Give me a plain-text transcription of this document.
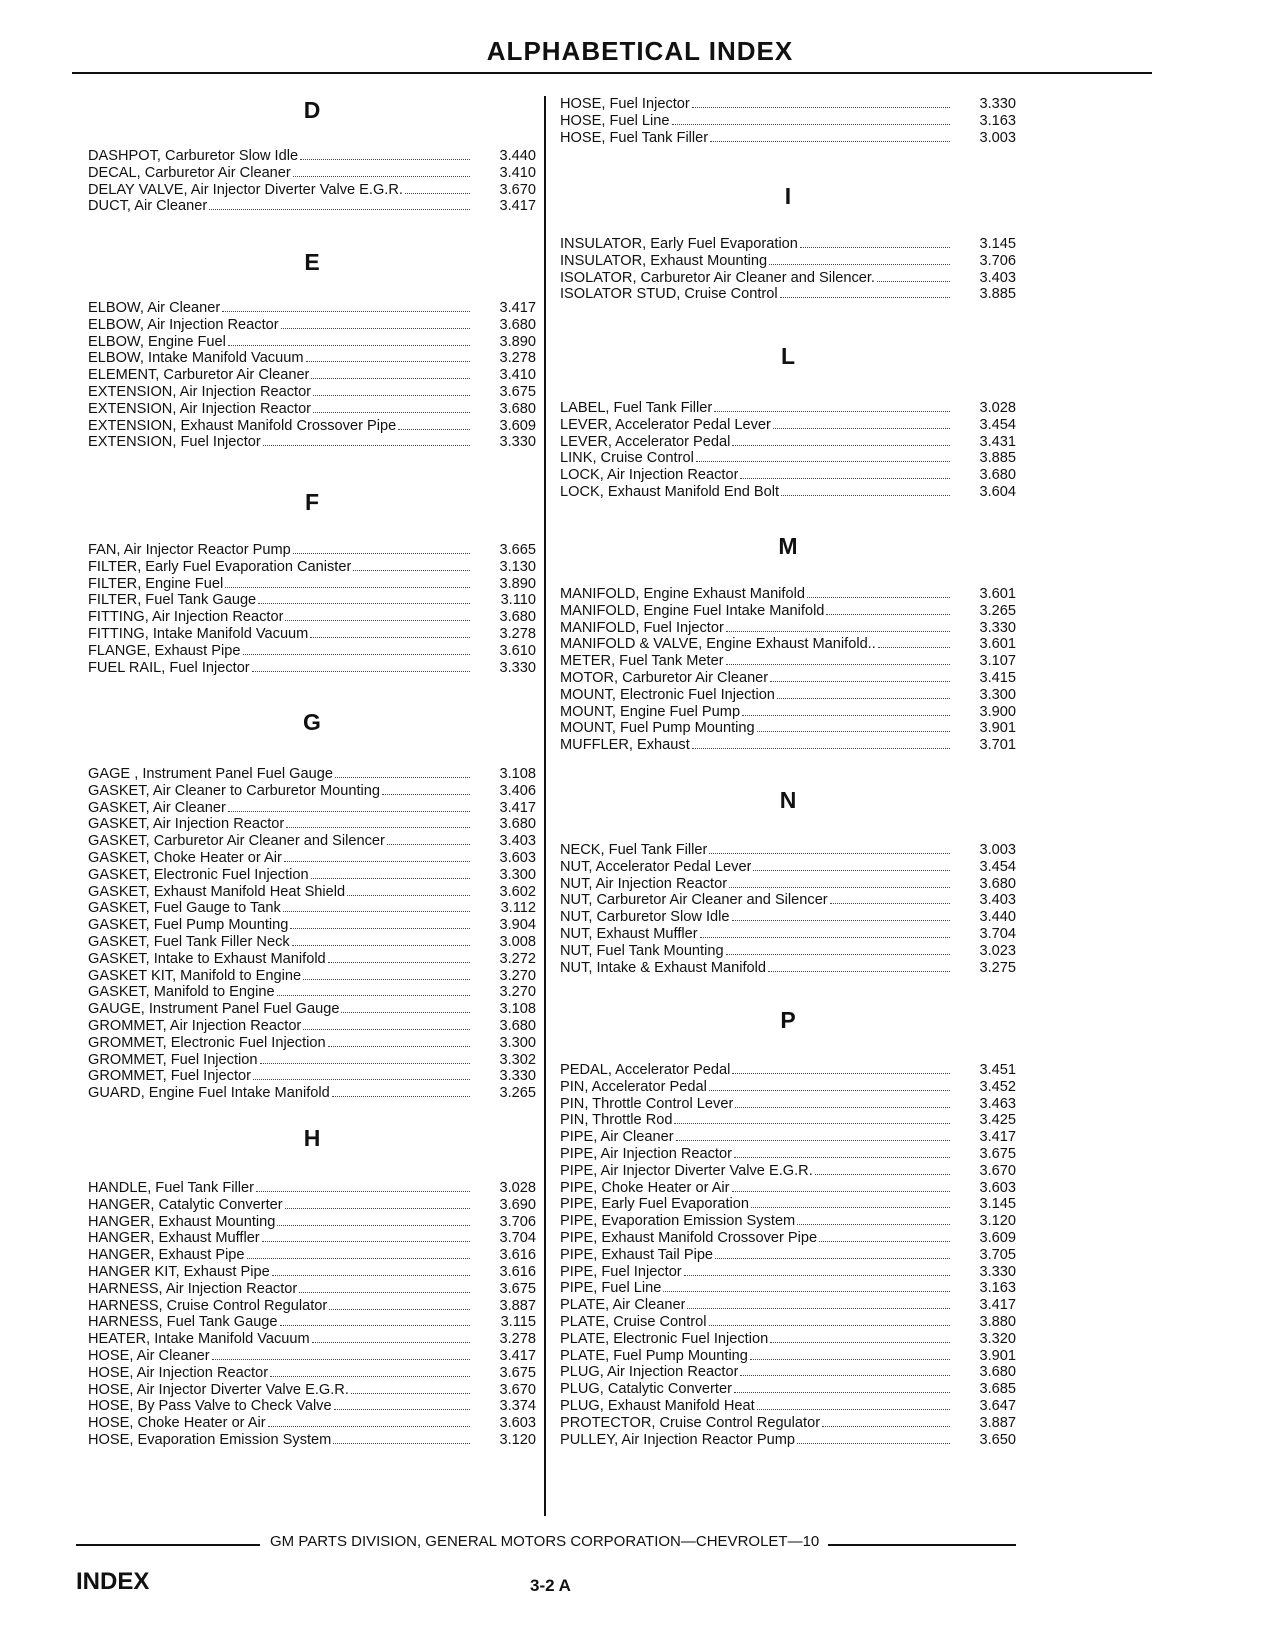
ALPHABETICAL INDEX
D
DASHPOT, Carburetor Slow Idle	3.440
DECAL, Carburetor Air Cleaner	3.410
DELAY VALVE, Air Injector Diverter Valve E.G.R.	3.670
DUCT, Air Cleaner	3.417
E
ELBOW, Air Cleaner	3.417
ELBOW, Air Injection Reactor	3.680
ELBOW, Engine Fuel	3.890
ELBOW, Intake Manifold Vacuum	3.278
ELEMENT, Carburetor Air Cleaner	3.410
EXTENSION, Air Injection Reactor	3.675
EXTENSION, Air Injection Reactor	3.680
EXTENSION, Exhaust Manifold Crossover Pipe	3.609
EXTENSION, Fuel Injector	3.330
F
FAN, Air Injector Reactor Pump	3.665
FILTER, Early Fuel Evaporation Canister	3.130
FILTER, Engine Fuel	3.890
FILTER, Fuel Tank Gauge	3.110
FITTING, Air Injection Reactor	3.680
FITTING, Intake Manifold Vacuum	3.278
FLANGE, Exhaust Pipe	3.610
FUEL RAIL, Fuel Injector	3.330
G
GAGE , Instrument Panel Fuel Gauge	3.108
GASKET, Air Cleaner to Carburetor Mounting	3.406
GASKET, Air Cleaner	3.417
GASKET, Air Injection Reactor	3.680
GASKET, Carburetor Air Cleaner and Silencer	3.403
GASKET, Choke Heater or Air	3.603
GASKET, Electronic Fuel Injection	3.300
GASKET, Exhaust Manifold Heat Shield	3.602
GASKET, Fuel Gauge to Tank	3.112
GASKET, Fuel Pump Mounting	3.904
GASKET, Fuel Tank Filler Neck	3.008
GASKET, Intake to Exhaust Manifold	3.272
GASKET KIT, Manifold to Engine	3.270
GASKET, Manifold to Engine	3.270
GAUGE, Instrument Panel Fuel Gauge	3.108
GROMMET, Air Injection Reactor	3.680
GROMMET, Electronic Fuel Injection	3.300
GROMMET, Fuel Injection	3.302
GROMMET, Fuel Injector	3.330
GUARD, Engine Fuel Intake Manifold	3.265
H
HANDLE, Fuel Tank Filler	3.028
HANGER, Catalytic Converter	3.690
HANGER, Exhaust Mounting	3.706
HANGER, Exhaust Muffler	3.704
HANGER, Exhaust Pipe	3.616
HANGER KIT, Exhaust Pipe	3.616
HARNESS, Air Injection Reactor	3.675
HARNESS, Cruise Control Regulator	3.887
HARNESS, Fuel Tank Gauge	3.115
HEATER, Intake Manifold Vacuum	3.278
HOSE, Air Cleaner	3.417
HOSE, Air Injection Reactor	3.675
HOSE, Air Injector Diverter Valve E.G.R.	3.670
HOSE, By Pass Valve to Check Valve	3.374
HOSE, Choke Heater or Air	3.603
HOSE, Evaporation Emission System	3.120
HOSE, Fuel Injector	3.330
HOSE, Fuel Line	3.163
HOSE, Fuel Tank Filler	3.003
I
INSULATOR, Early Fuel Evaporation	3.145
INSULATOR, Exhaust Mounting	3.706
ISOLATOR, Carburetor Air Cleaner and Silencer.	3.403
ISOLATOR STUD, Cruise Control	3.885
L
LABEL, Fuel Tank Filler	3.028
LEVER, Accelerator Pedal Lever	3.454
LEVER, Accelerator Pedal	3.431
LINK, Cruise Control	3.885
LOCK, Air Injection Reactor	3.680
LOCK, Exhaust Manifold End Bolt	3.604
M
MANIFOLD, Engine Exhaust Manifold	3.601
MANIFOLD, Engine Fuel Intake Manifold	3.265
MANIFOLD, Fuel Injector	3.330
MANIFOLD & VALVE, Engine Exhaust Manifold..	3.601
METER, Fuel Tank Meter	3.107
MOTOR, Carburetor Air Cleaner	3.415
MOUNT, Electronic Fuel Injection	3.300
MOUNT, Engine Fuel Pump	3.900
MOUNT, Fuel Pump Mounting	3.901
MUFFLER, Exhaust	3.701
N
NECK, Fuel Tank Filler	3.003
NUT, Accelerator Pedal Lever	3.454
NUT, Air Injection Reactor	3.680
NUT, Carburetor Air Cleaner and Silencer	3.403
NUT, Carburetor Slow Idle	3.440
NUT, Exhaust Muffler	3.704
NUT, Fuel Tank Mounting	3.023
NUT, Intake & Exhaust Manifold	3.275
P
PEDAL, Accelerator Pedal	3.451
PIN, Accelerator Pedal	3.452
PIN, Throttle Control Lever	3.463
PIN, Throttle Rod	3.425
PIPE, Air Cleaner	3.417
PIPE, Air Injection Reactor	3.675
PIPE, Air Injector Diverter Valve E.G.R.	3.670
PIPE, Choke Heater or Air	3.603
PIPE, Early Fuel Evaporation	3.145
PIPE, Evaporation Emission System	3.120
PIPE, Exhaust Manifold Crossover Pipe	3.609
PIPE, Exhaust Tail Pipe	3.705
PIPE, Fuel Injector	3.330
PIPE, Fuel Line	3.163
PLATE, Air Cleaner	3.417
PLATE, Cruise Control	3.880
PLATE, Electronic Fuel Injection	3.320
PLATE, Fuel Pump Mounting	3.901
PLUG, Air Injection Reactor	3.680
PLUG, Catalytic Converter	3.685
PLUG, Exhaust Manifold Heat	3.647
PROTECTOR, Cruise Control Regulator	3.887
PULLEY, Air Injection Reactor Pump	3.650
GM PARTS DIVISION, GENERAL MOTORS CORPORATION—CHEVROLET—10
INDEX	3-2 A
